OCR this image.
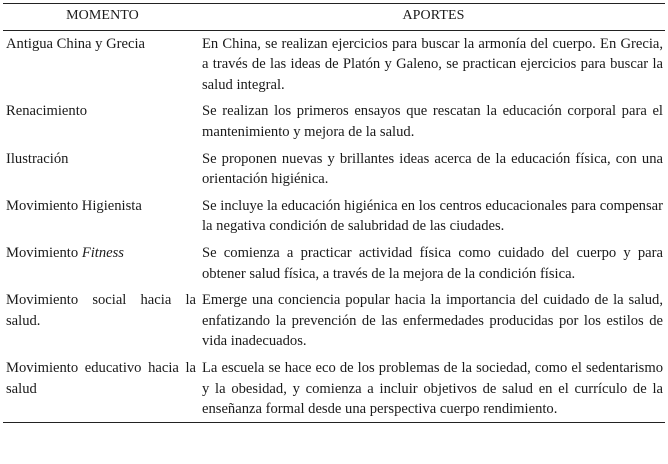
MOMENTO	APORTES
Antigua China y Grecia	En China, se realizan ejercicios para buscar la armonía del cuerpo. En Grecia, a través de las ideas de Platón y Galeno, se practican ejercicios para buscar la salud integral.
Renacimiento	Se realizan los primeros ensayos que rescatan la educación corporal para el mantenimiento y mejora de la salud.
Ilustración	Se proponen nuevas y brillantes ideas acerca de la educación física, con una orientación higiénica.
Movimiento Higienista	Se incluye la educación higiénica en los centros educacionales para compensar la negativa condición de salubridad de las ciudades.
Movimiento Fitness	Se comienza a practicar actividad física como cuidado del cuerpo y para obtener salud física, a través de la mejora de la condición física.
Movimiento social hacia la salud.	Emerge una conciencia popular hacia la importancia del cuidado de la salud, enfatizando la prevención de las enfermedades producidas por los estilos de vida inadecuados.
Movimiento educativo hacia la salud	La escuela se hace eco de los problemas de la sociedad, como el sedentarismo y la obesidad, y comienza a incluir objetivos de salud en el currículo de la enseñanza formal desde una perspectiva cuerpo rendimiento.
